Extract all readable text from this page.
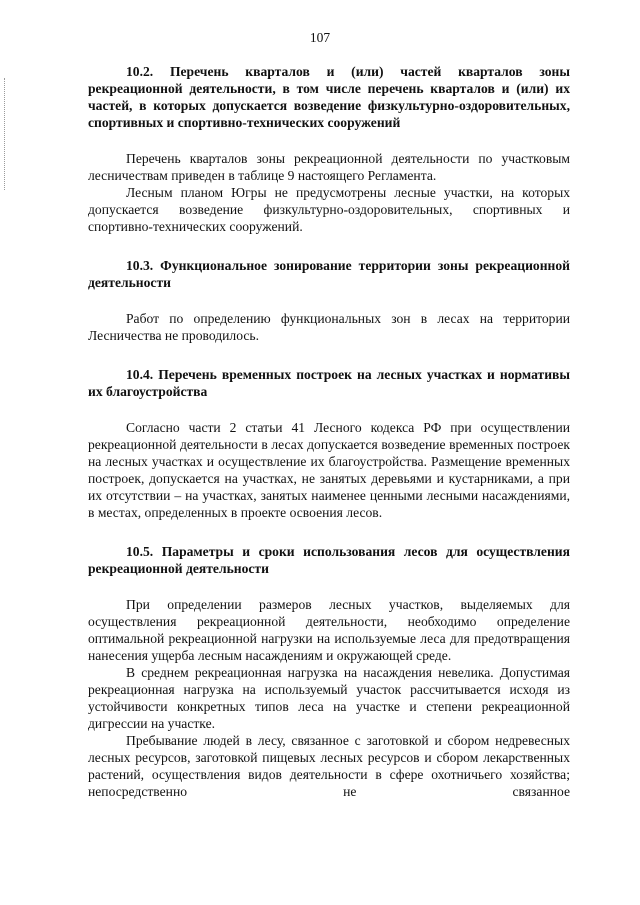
107

10.2. Перечень кварталов и (или) частей кварталов зоны рекреационной деятельности, в том числе перечень кварталов и (или) их частей, в которых допускается возведение физкультурно-оздоровительных, спортивных и спортивно-технических сооружений

Перечень кварталов зоны рекреационной деятельности по участковым лесничествам приведен в таблице 9 настоящего Регламента.

Лесным планом Югры не предусмотрены лесные участки, на которых допускается возведение физкультурно-оздоровительных, спортивных и спортивно-технических сооружений.

10.3. Функциональное зонирование территории зоны рекреационной деятельности

Работ по определению функциональных зон в лесах на территории Лесничества не проводилось.

10.4. Перечень временных построек на лесных участках и нормативы их благоустройства

Согласно части 2 статьи 41 Лесного кодекса РФ при осуществлении рекреационной деятельности в лесах допускается возведение временных построек на лесных участках и осуществление их благоустройства. Размещение временных построек, допускается на участках, не занятых деревьями и кустарниками, а при их отсутствии – на участках, занятых наименее ценными лесными насаждениями, в местах, определенных в проекте освоения лесов.

10.5. Параметры и сроки использования лесов для осуществления рекреационной деятельности

При определении размеров лесных участков, выделяемых для осуществления рекреационной деятельности, необходимо определение оптимальной рекреационной нагрузки на используемые леса для предотвращения нанесения ущерба лесным насаждениям и окружающей среде.

В среднем рекреационная нагрузка на насаждения невелика. Допустимая рекреационная нагрузка на используемый участок рассчитывается исходя из устойчивости конкретных типов леса на участке и степени рекреационной дигрессии на участке.

Пребывание людей в лесу, связанное с заготовкой и сбором недревесных лесных ресурсов, заготовкой пищевых лесных ресурсов и сбором лекарственных растений, осуществления видов деятельности в сфере охотничьего хозяйства; непосредственно не связанное
